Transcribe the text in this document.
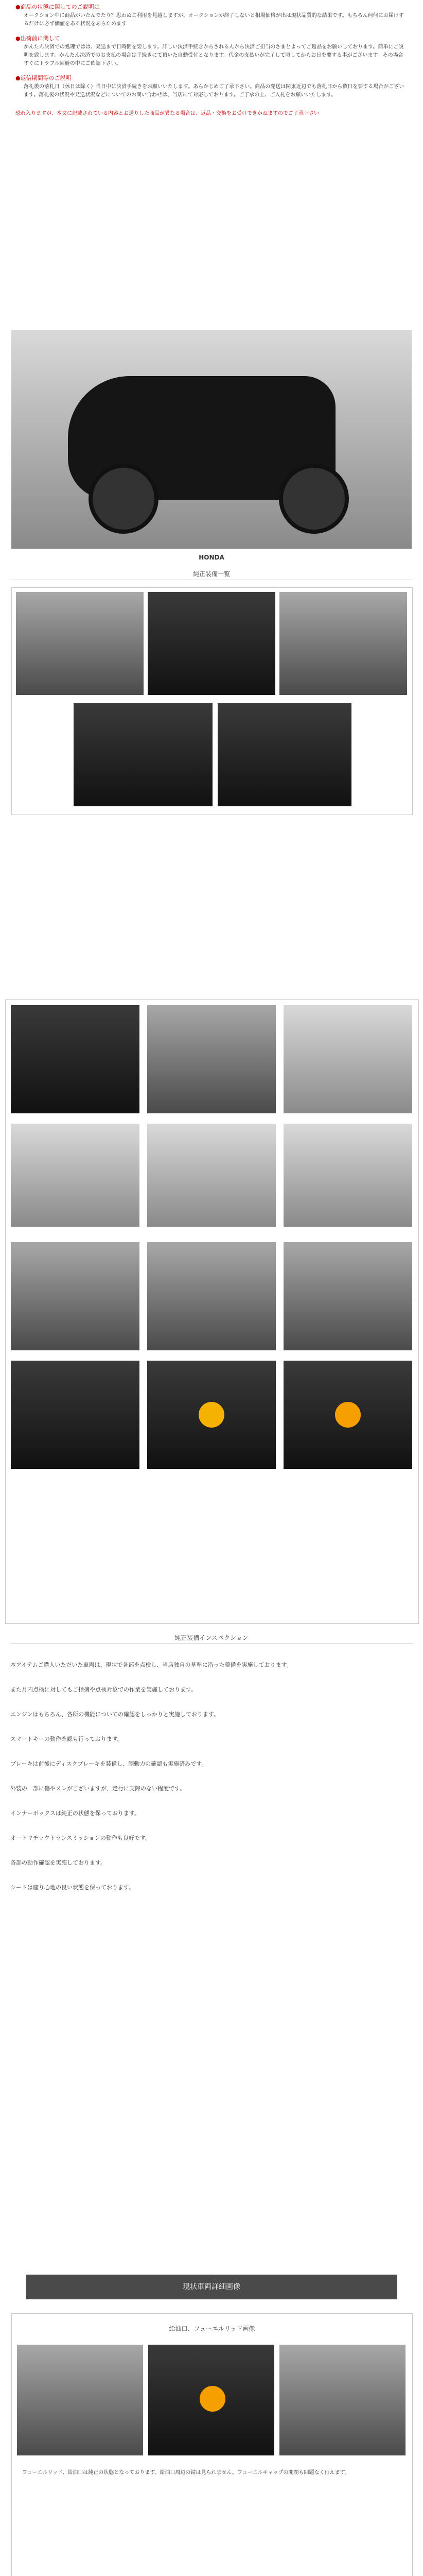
●商品の状態に関してのご説明は
オークション中に商品がいたんでたり？思わぬご利用を見越しますが、オークションが終了しないと相場価格が出は現状品質的な結果です。もちろん何何にお届けするだけに必ず価値をある状況をあらためます
●出荷前に関して
かんたん決済での処理ではは、発送まで日時間を要します。詳しい決済手続きからされるんから決済ご担当のさまとよってご返品をお願いしております。簡単にご説明を致します。かんたん決済でのお支払の場合は手続きにて頂いた自動受付となります。代金の支払いが完了して頃してからお日を要する事がございます。その場合すぐにトラブル回避の中にご確認下さい。
●返信期間等のご説明
落札後の落札日（休日は除く）当日中に決済手続きをお願いいたします。あらかじめご了承下さい。商品の発送は関東近辺でも落札日から数日を要する場合がございます。落札後の状況や発送状況などについてのお問い合わせは、当店にて対応しております。ご了承の上、ご入札をお願いいたします。
恐れ入りますが、本文に記載されている内容とお送りした商品が異なる場合は、返品・交換をお受けできかねますのでご了承下さい
HONDA
純正装備一覧
純正装備インスペクション

本アイテムご購入いただいた車両は、現状で各部を点検し、当店独自の基準に沿った整備を実施しております。

また月内点検に対してもご指摘や点検対象での作業を実施しております。

エンジンはもちろん、各所の機能についての確認をしっかりと実施しております。

スマートキーの動作確認も行っております。

ブレーキは前後にディスクブレーキを装備し、制動力の確認も実施済みです。

外装の一部に傷やスレがございますが、走行に支障のない程度です。

インナーボックスは純正の状態を保っております。

オートマチックトランスミッションの動作も良好です。

各部の動作確認を実施しております。

シートは座り心地の良い状態を保っております。

現状車両詳細画像
給油口、フューエルリッド画像
フューエルリッド、給油口は純正の状態となっております。給油口周辺の錆は見られません。フューエルキャップの開閉も問題なく行えます。
